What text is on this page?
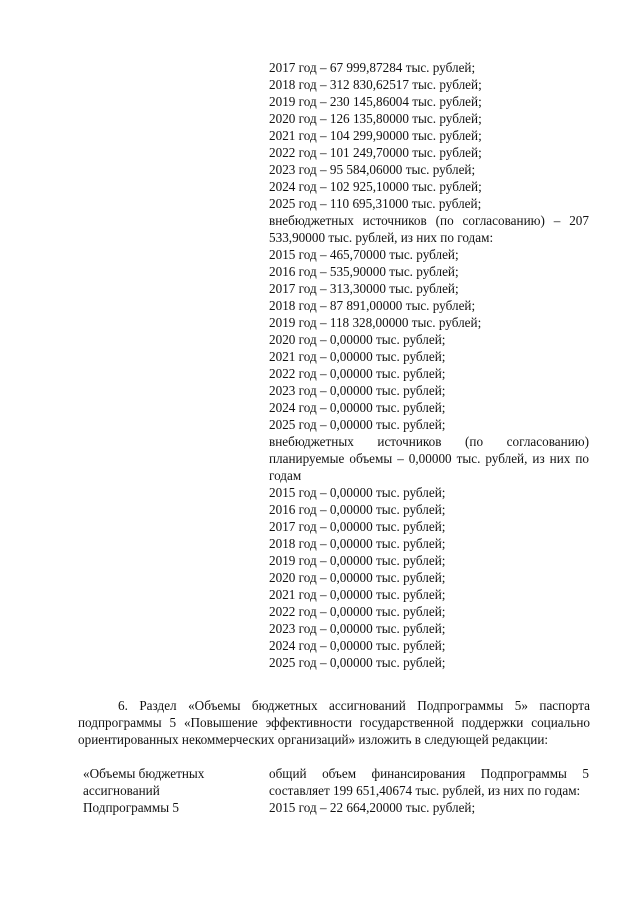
2017 год – 67 999,87284 тыс. рублей;
2018 год – 312 830,62517 тыс. рублей;
2019 год – 230 145,86004 тыс. рублей;
2020 год – 126 135,80000 тыс. рублей;
2021 год – 104 299,90000 тыс. рублей;
2022 год – 101 249,70000 тыс. рублей;
2023 год – 95 584,06000 тыс. рублей;
2024 год – 102 925,10000 тыс. рублей;
2025 год – 110 695,31000 тыс. рублей;
внебюджетных источников (по согласованию) – 207 533,90000 тыс. рублей, из них по годам:
2015 год – 465,70000 тыс. рублей;
2016 год – 535,90000 тыс. рублей;
2017 год – 313,30000 тыс. рублей;
2018 год – 87 891,00000 тыс. рублей;
2019 год – 118 328,00000 тыс. рублей;
2020 год – 0,00000 тыс. рублей;
2021 год – 0,00000 тыс. рублей;
2022 год – 0,00000 тыс. рублей;
2023 год – 0,00000 тыс. рублей;
2024 год – 0,00000 тыс. рублей;
2025 год – 0,00000 тыс. рублей;
внебюджетных источников (по согласованию) планируемые объемы – 0,00000 тыс. рублей, из них по годам
2015 год – 0,00000 тыс. рублей;
2016 год – 0,00000 тыс. рублей;
2017 год – 0,00000 тыс. рублей;
2018 год – 0,00000 тыс. рублей;
2019 год – 0,00000 тыс. рублей;
2020 год – 0,00000 тыс. рублей;
2021 год – 0,00000 тыс. рублей;
2022 год – 0,00000 тыс. рублей;
2023 год – 0,00000 тыс. рублей;
2024 год – 0,00000 тыс. рублей;
2025 год – 0,00000 тыс. рублей;

6. Раздел «Объемы бюджетных ассигнований Подпрограммы 5» паспорта подпрограммы 5 «Повышение эффективности государственной поддержки социально ориентированных некоммерческих организаций» изложить в следующей редакции:

«Объемы бюджетных ассигнований Подпрограммы 5
общий объем финансирования Подпрограммы 5 составляет 199 651,40674 тыс. рублей, из них по годам:
2015 год – 22 664,20000 тыс. рублей;
